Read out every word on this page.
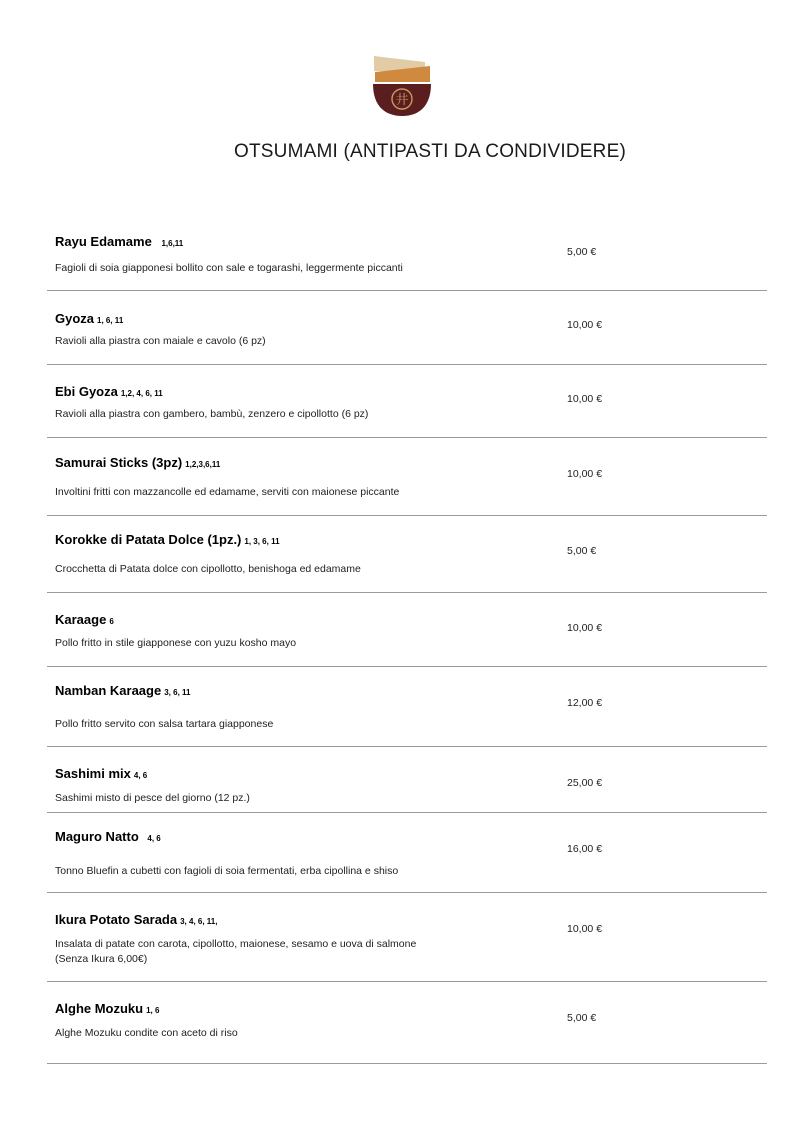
井
OTSUMAMI (ANTIPASTI DA CONDIVIDERE)
Rayu Edamame 1,6,11
Fagioli di soia giapponesi bollito con sale e togarashi, leggermente piccanti
5,00 €
Gyoza 1, 6, 11
Ravioli alla piastra con maiale e cavolo (6 pz)
10,00 €
Ebi Gyoza 1,2, 4, 6, 11
Ravioli alla piastra con gambero, bambù, zenzero e cipollotto (6 pz)
10,00 €
Samurai Sticks (3pz) 1,2,3,6,11
Involtini fritti con mazzancolle ed edamame, serviti con maionese piccante
10,00 €
Korokke di Patata Dolce (1pz.) 1, 3, 6, 11
Crocchetta di Patata dolce con cipollotto, benishoga ed edamame
5,00 €
Karaage 6
Pollo fritto in stile giapponese con yuzu kosho mayo
10,00 €
Namban Karaage 3, 6, 11
Pollo fritto servito con salsa tartara giapponese
12,00 €
Sashimi mix 4, 6
Sashimi misto di pesce del giorno (12 pz.)
25,00 €
Maguro Natto 4, 6
Tonno Bluefin a cubetti con fagioli di soia fermentati, erba cipollina e shiso
16,00 €
Ikura Potato Sarada 3, 4, 6, 11,
Insalata di patate con carota, cipollotto, maionese, sesamo e uova di salmone
(Senza Ikura 6,00€)
10,00 €
Alghe Mozuku 1, 6
Alghe Mozuku condite con aceto di riso
5,00 €
